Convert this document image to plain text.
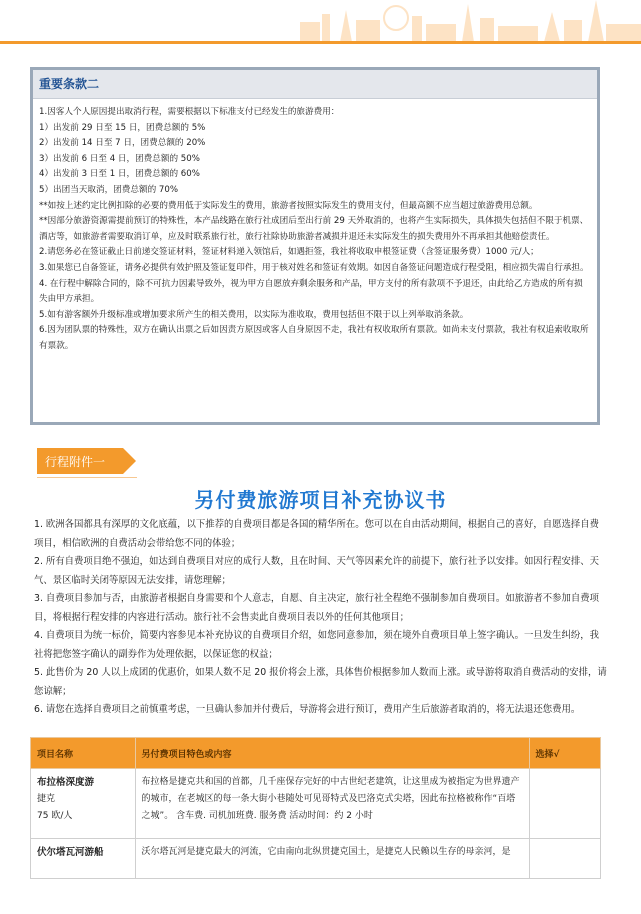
重要条款二

1.因客人个人原因提出取消行程，需要根据以下标准支付已经发生的旅游费用：

1）出发前 29 日至 15 日，团费总额的 5%

2）出发前 14 日至 7 日，团费总额的 20%

3）出发前 6 日至 4 日，团费总额的 50%

4）出发前 3 日至 1 日，团费总额的 60%

5）出团当天取消，团费总额的 70%

**如按上述约定比例扣除的必要的费用低于实际发生的费用，旅游者按照实际发生的费用支付，但最高额不应当超过旅游费用总额。

**因部分旅游资源需提前预订的特殊性，本产品线路在旅行社成团后至出行前 29 天外取消的，也将产生实际损失，具体损失包括但不限于机票、酒店等，如旅游者需要取消订单，应及时联系旅行社，旅行社除协助旅游者减损并退还未实际发生的损失费用外不再承担其他赔偿责任。

2.请您务必在签证截止日前递交签证材料，签证材料递入领馆后，如遇拒签，我社将收取申根签证费（含签证服务费）1000 元/人；

3.如果您已自备签证，请务必提供有效护照及签证复印件，用于核对姓名和签证有效期。如因自备签证问题造成行程受阻，相应损失需自行承担。

4. 在行程中解除合同的，除不可抗力因素导致外，视为甲方自愿放弃剩余服务和产品，甲方支付的所有款项不予退还，由此给乙方造成的所有损失由甲方承担。

5.如有游客额外升级标准或增加要求所产生的相关费用，以实际为准收取，费用包括但不限于以上列举取消条款。

6.因为团队票的特殊性，双方在确认出票之后如因责方原因或客人自身原因不走，我社有权收取所有票款。如尚未支付票款，我社有权追索收取所有票款。

行程附件一
另付费旅游项目补充协议书

1. 欧洲各国都具有深厚的文化底蕴，以下推荐的自费项目都是各国的精华所在。您可以在自由活动期间，根据自己的喜好，自愿选择自费项目，相信欧洲的自费活动会带给您不同的体验；

2. 所有自费项目绝不强迫，如达到自费项目对应的成行人数，且在时间、天气等因素允许的前提下，旅行社予以安排。如因行程安排、天气、景区临时关闭等原因无法安排，请您理解；

3. 自费项目参加与否，由旅游者根据自身需要和个人意志，自愿、自主决定，旅行社全程绝不强制参加自费项目。如旅游者不参加自费项目，将根据行程安排的内容进行活动。旅行社不会售卖此自费项目表以外的任何其他项目；

4. 自费项目为统一标价，简要内容参见本补充协议的自费项目介绍，如您同意参加，须在境外自费项目单上签字确认。一旦发生纠纷，我社将把您签字确认的副券作为处理依据，以保证您的权益；

5. 此售价为 20 人以上成团的优惠价，如果人数不足 20 报价将会上涨，具体售价根据参加人数而上涨。或导游将取消自费活动的安排，请您谅解；

6. 请您在选择自费项目之前慎重考虑，一旦确认参加并付费后，导游将会进行预订，费用产生后旅游者取消的，将无法退还您费用。

项目名称	另付费项目特色或内容	选择√

布拉格深度游
捷克
75 欧/人	布拉格是捷克共和国的首都，几千座保存完好的中古世纪老建筑，让这里成为被指定为世界遗产的城市，在老城区的每一条大街小巷随处可见哥特式及巴洛克式尖塔，因此布拉格被称作“百塔之城”。 含车费. 司机加班费. 服务费 活动时间：约 2 小时	

伏尔塔瓦河游船	沃尔塔瓦河是捷克最大的河流，它由南向北纵贯捷克国土，是捷克人民赖以生存的母亲河，是	
